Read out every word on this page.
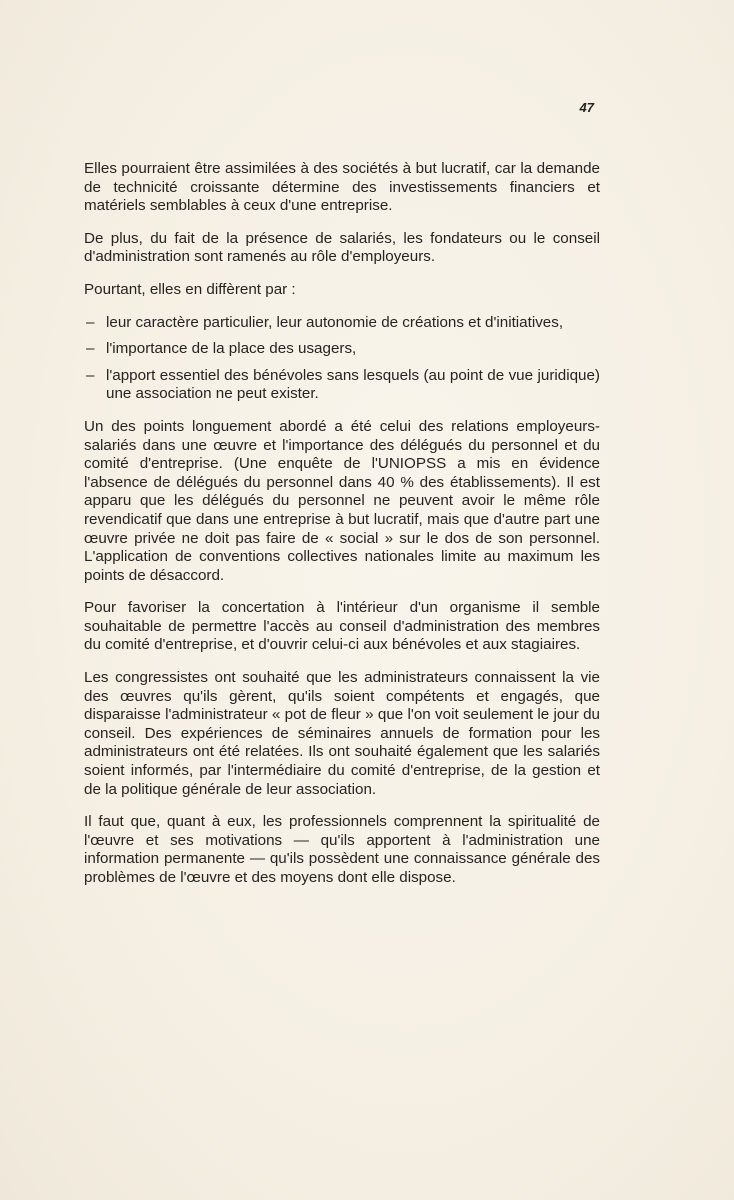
47

Elles pourraient être assimilées à des sociétés à but lucratif, car la demande de technicité croissante détermine des investissements financiers et matériels semblables à ceux d'une entreprise.

De plus, du fait de la présence de salariés, les fondateurs ou le conseil d'administration sont ramenés au rôle d'employeurs.

Pourtant, elles en diffèrent par :

– leur caractère particulier, leur autonomie de créations et d'initiatives,
– l'importance de la place des usagers,
– l'apport essentiel des bénévoles sans lesquels (au point de vue juridique) une association ne peut exister.

Un des points longuement abordé a été celui des relations employeurs-salariés dans une œuvre et l'importance des délégués du personnel et du comité d'entreprise. (Une enquête de l'UNIOPSS a mis en évidence l'absence de délégués du personnel dans 40 % des établissements). Il est apparu que les délégués du personnel ne peuvent avoir le même rôle revendicatif que dans une entreprise à but lucratif, mais que d'autre part une œuvre privée ne doit pas faire de « social » sur le dos de son personnel. L'application de conventions collectives nationales limite au maximum les points de désaccord.

Pour favoriser la concertation à l'intérieur d'un organisme il semble souhaitable de permettre l'accès au conseil d'administration des membres du comité d'entreprise, et d'ouvrir celui-ci aux bénévoles et aux stagiaires.

Les congressistes ont souhaité que les administrateurs connaissent la vie des œuvres qu'ils gèrent, qu'ils soient compétents et engagés, que disparaisse l'administrateur « pot de fleur » que l'on voit seulement le jour du conseil. Des expériences de séminaires annuels de formation pour les administrateurs ont été relatées. Ils ont souhaité également que les salariés soient informés, par l'intermédiaire du comité d'entreprise, de la gestion et de la politique générale de leur association.

Il faut que, quant à eux, les professionnels comprennent la spiritualité de l'œuvre et ses motivations — qu'ils apportent à l'administration une information permanente — qu'ils possèdent une connaissance générale des problèmes de l'œuvre et des moyens dont elle dispose.
